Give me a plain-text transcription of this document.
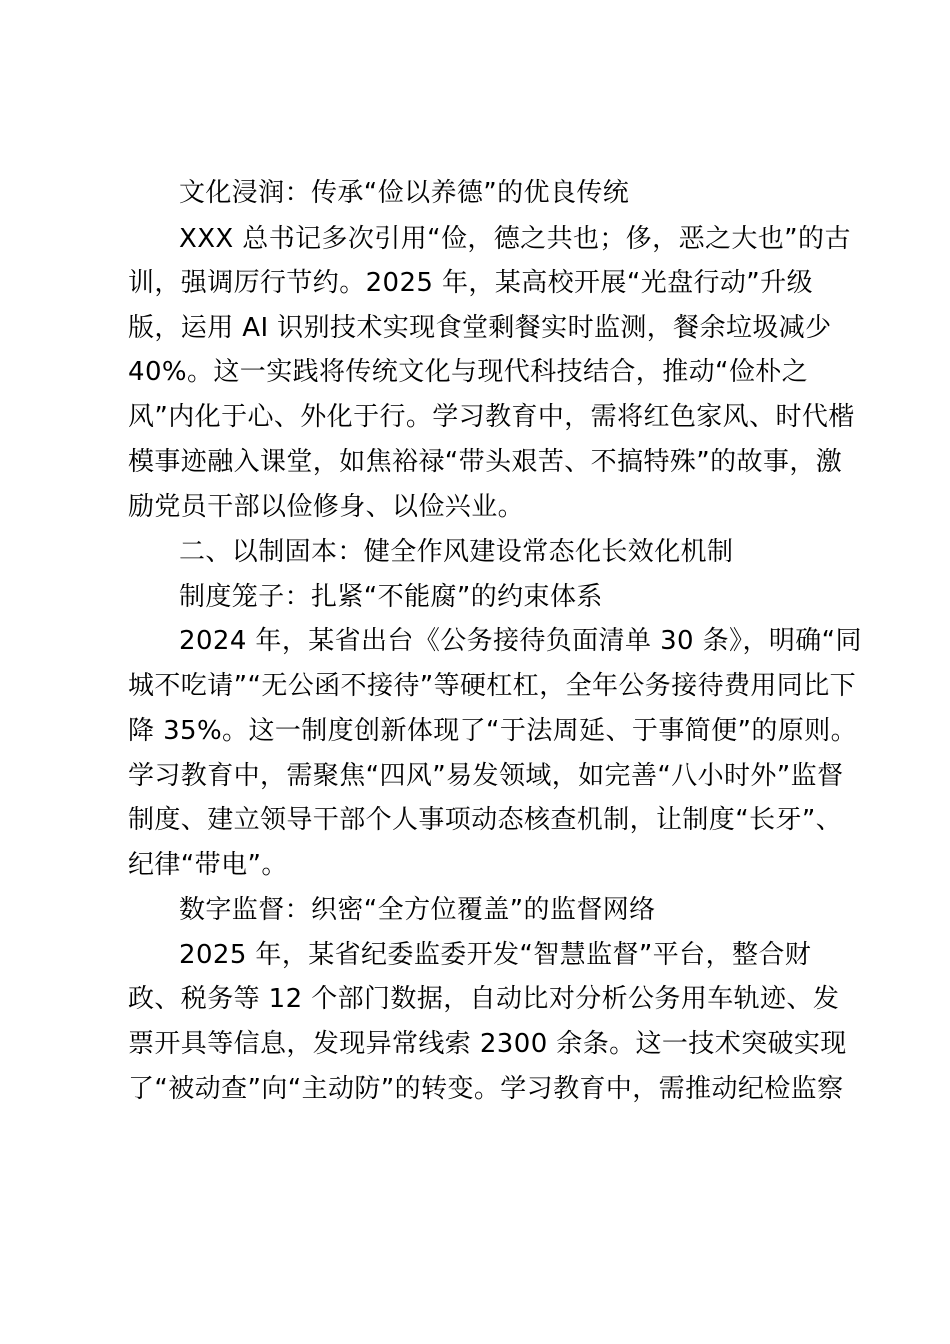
文化浸润：传承“俭以养德”的优良传统
XXX 总书记多次引用“俭，德之共也；侈，恶之大也”的古
训，强调厉行节约。2025 年，某高校开展“光盘行动”升级
版，运用 AI 识别技术实现食堂剩餐实时监测，餐余垃圾减少
40%。这一实践将传统文化与现代科技结合，推动“俭朴之
风”内化于心、外化于行。学习教育中，需将红色家风、时代楷
模事迹融入课堂，如焦裕禄“带头艰苦、不搞特殊”的故事，激
励党员干部以俭修身、以俭兴业。
二、以制固本：健全作风建设常态化长效化机制
制度笼子：扎紧“不能腐”的约束体系
2024 年，某省出台《公务接待负面清单 30 条》，明确“同
城不吃请”“无公函不接待”等硬杠杠，全年公务接待费用同比下
降 35%。这一制度创新体现了“于法周延、于事简便”的原则。
学习教育中，需聚焦“四风”易发领域，如完善“八小时外”监督
制度、建立领导干部个人事项动态核查机制，让制度“长牙”、
纪律“带电”。
数字监督：织密“全方位覆盖”的监督网络
2025 年，某省纪委监委开发“智慧监督”平台，整合财
政、税务等 12 个部门数据，自动比对分析公务用车轨迹、发
票开具等信息，发现异常线索 2300 余条。这一技术突破实现
了“被动查”向“主动防”的转变。学习教育中，需推动纪检监察
